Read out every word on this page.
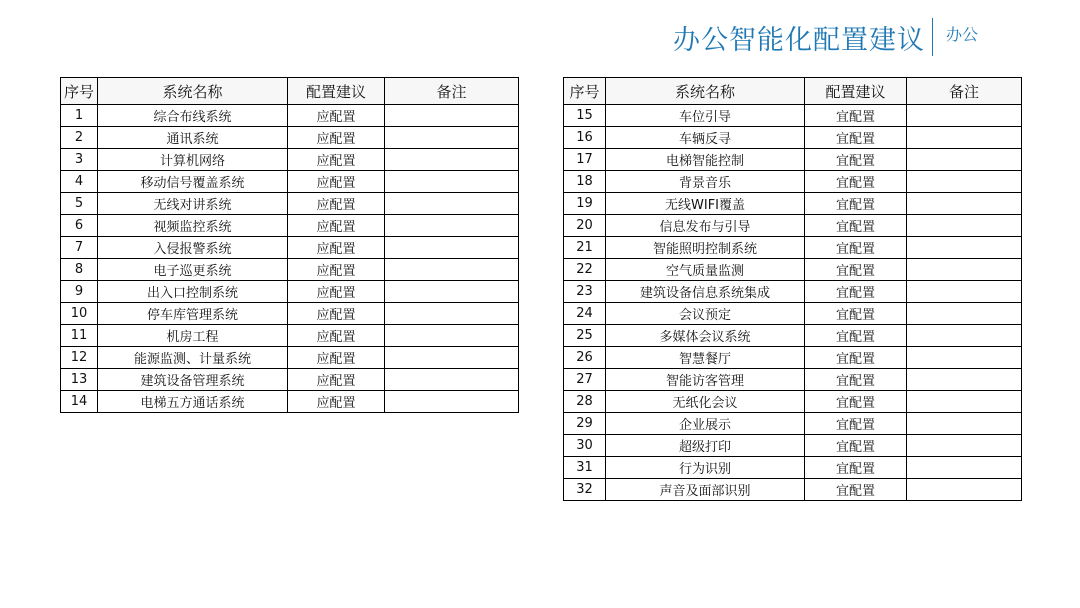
办公智能化配置建议 办公
序号	系统名称	配置建议	备注
1	综合布线系统	应配置	
2	通讯系统	应配置	
3	计算机网络	应配置	
4	移动信号覆盖系统	应配置	
5	无线对讲系统	应配置	
6	视频监控系统	应配置	
7	入侵报警系统	应配置	
8	电子巡更系统	应配置	
9	出入口控制系统	应配置	
10	停车库管理系统	应配置	
11	机房工程	应配置	
12	能源监测、计量系统	应配置	
13	建筑设备管理系统	应配置	
14	电梯五方通话系统	应配置	
序号	系统名称	配置建议	备注
15	车位引导	宜配置	
16	车辆反寻	宜配置	
17	电梯智能控制	宜配置	
18	背景音乐	宜配置	
19	无线WIFI覆盖	宜配置	
20	信息发布与引导	宜配置	
21	智能照明控制系统	宜配置	
22	空气质量监测	宜配置	
23	建筑设备信息系统集成	宜配置	
24	会议预定	宜配置	
25	多媒体会议系统	宜配置	
26	智慧餐厅	宜配置	
27	智能访客管理	宜配置	
28	无纸化会议	宜配置	
29	企业展示	宜配置	
30	超级打印	宜配置	
31	行为识别	宜配置	
32	声音及面部识别	宜配置	
